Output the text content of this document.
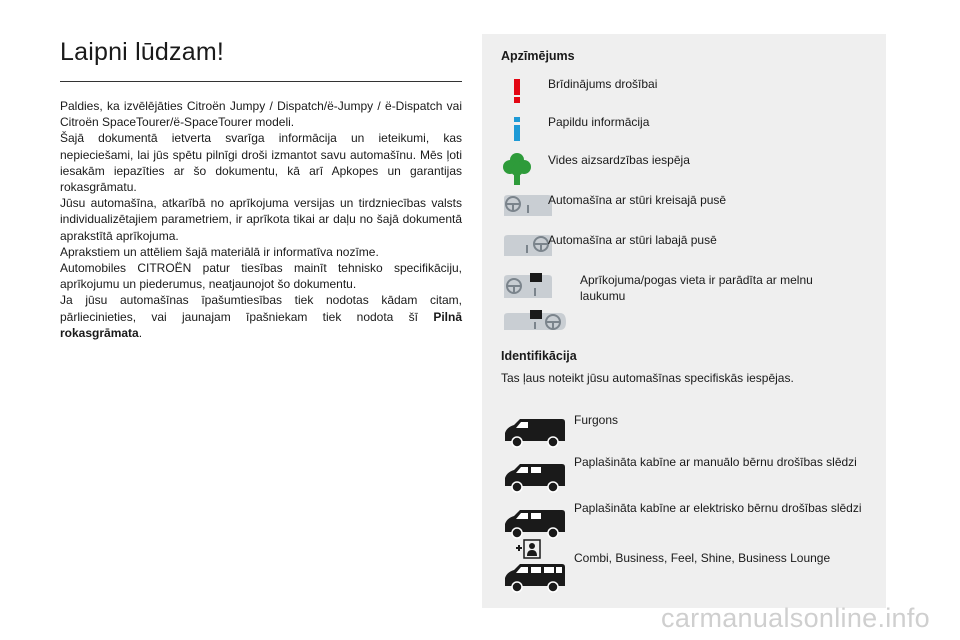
Laipni lūdzam!

Paldies, ka izvēlējāties Citroën Jumpy / Dispatch/ë-Jumpy / ë-Dispatch vai Citroën SpaceTourer/ë-SpaceTourer modeli.

Šajā dokumentā ietverta svarīga informācija un ieteikumi, kas nepieciešami, lai jūs spētu pilnīgi droši izmantot savu automašīnu. Mēs ļoti iesakām iepazīties ar šo dokumentu, kā arī Apkopes un garantijas rokasgrāmatu.

Jūsu automašīna, atkarībā no aprīkojuma versijas un tirdzniecības valsts individualizētajiem parametriem, ir aprīkota tikai ar daļu no šajā dokumentā aprakstītā aprīkojuma.

Aprakstiem un attēliem šajā materiālā ir informatīva nozīme.

Automobiles CITROËN patur tiesības mainīt tehnisko specifikāciju, aprīkojumu un piederumus, neatjaunojot šo dokumentu.

Ja jūsu automašīnas īpašumtiesības tiek nodotas kādam citam, pārliecinieties, vai jaunajam īpašniekam tiek nodota šī Pilnā rokasgrāmata.

Apzīmējums
Brīdinājums drošībai
Papildu informācija
Vides aizsardzības iespēja
Automašīna ar stūri kreisajā pusē
Automašīna ar stūri labajā pusē
Aprīkojuma/pogas vieta ir parādīta ar melnu laukumu
Identifikācija
Tas ļaus noteikt jūsu automašīnas specifiskās iespējas.
Furgons
Paplašināta kabīne ar manuālo bērnu drošības slēdzi
Paplašināta kabīne ar elektrisko bērnu drošības slēdzi
Combi, Business, Feel, Shine, Business Lounge
carmanualsonline.info
